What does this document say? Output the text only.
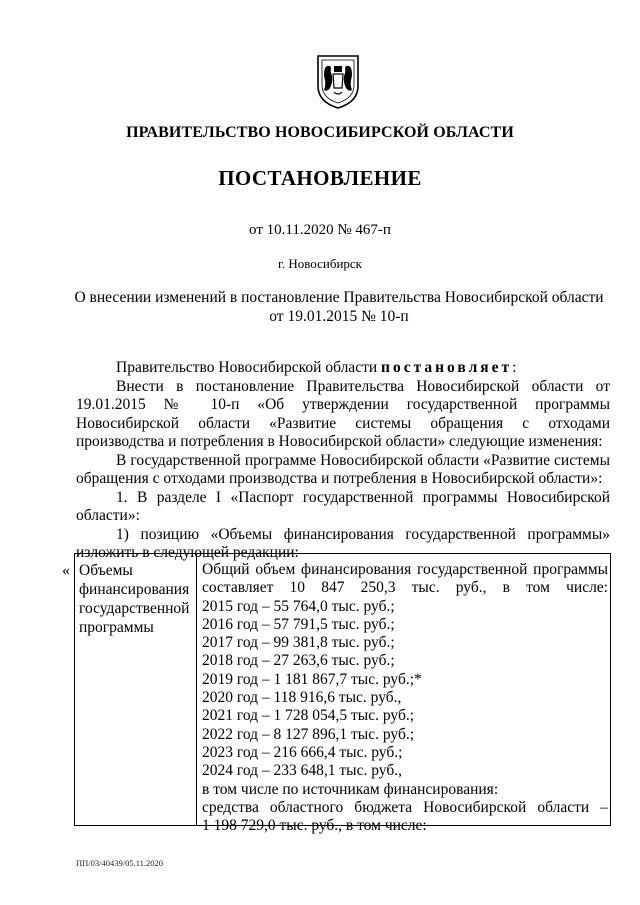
ПРАВИТЕЛЬСТВО НОВОСИБИРСКОЙ ОБЛАСТИ
ПОСТАНОВЛЕНИЕ
от 10.11.2020 № 467-п
г. Новосибирск
О внесении изменений в постановление Правительства Новосибирской области
от 19.01.2015 № 10-п

Правительство Новосибирской области постановляет:

Внести в постановление Правительства Новосибирской области от 19.01.2015 № 10-п «Об утверждении государственной программы Новосибирской области «Развитие системы обращения с отходами производства и потребления в Новосибирской области» следующие изменения:

В государственной программе Новосибирской области «Развитие системы обращения с отходами производства и потребления в Новосибирской области»:

1. В разделе I «Паспорт государственной программы Новосибирской области»:

1) позицию «Объемы финансирования государственной программы» изложить в следующей редакции:

« Объемы финансирования государственной программы
Общий объем финансирования государственной программы составляет 10 847 250,3 тыс. руб., в том числе:
2015 год – 55 764,0 тыс. руб.;
2016 год – 57 791,5 тыс. руб.;
2017 год – 99 381,8 тыс. руб.;
2018 год – 27 263,6 тыс. руб.;
2019 год – 1 181 867,7 тыс. руб.;*
2020 год – 118 916,6 тыс. руб.,
2021 год – 1 728 054,5 тыс. руб.;
2022 год – 8 127 896,1 тыс. руб.;
2023 год – 216 666,4 тыс. руб.;
2024 год – 233 648,1 тыс. руб.,
в том числе по источникам финансирования:
средства областного бюджета Новосибирской области –
1 198 729,0 тыс. руб., в том числе:
ПП/03/40439/05.11.2020
